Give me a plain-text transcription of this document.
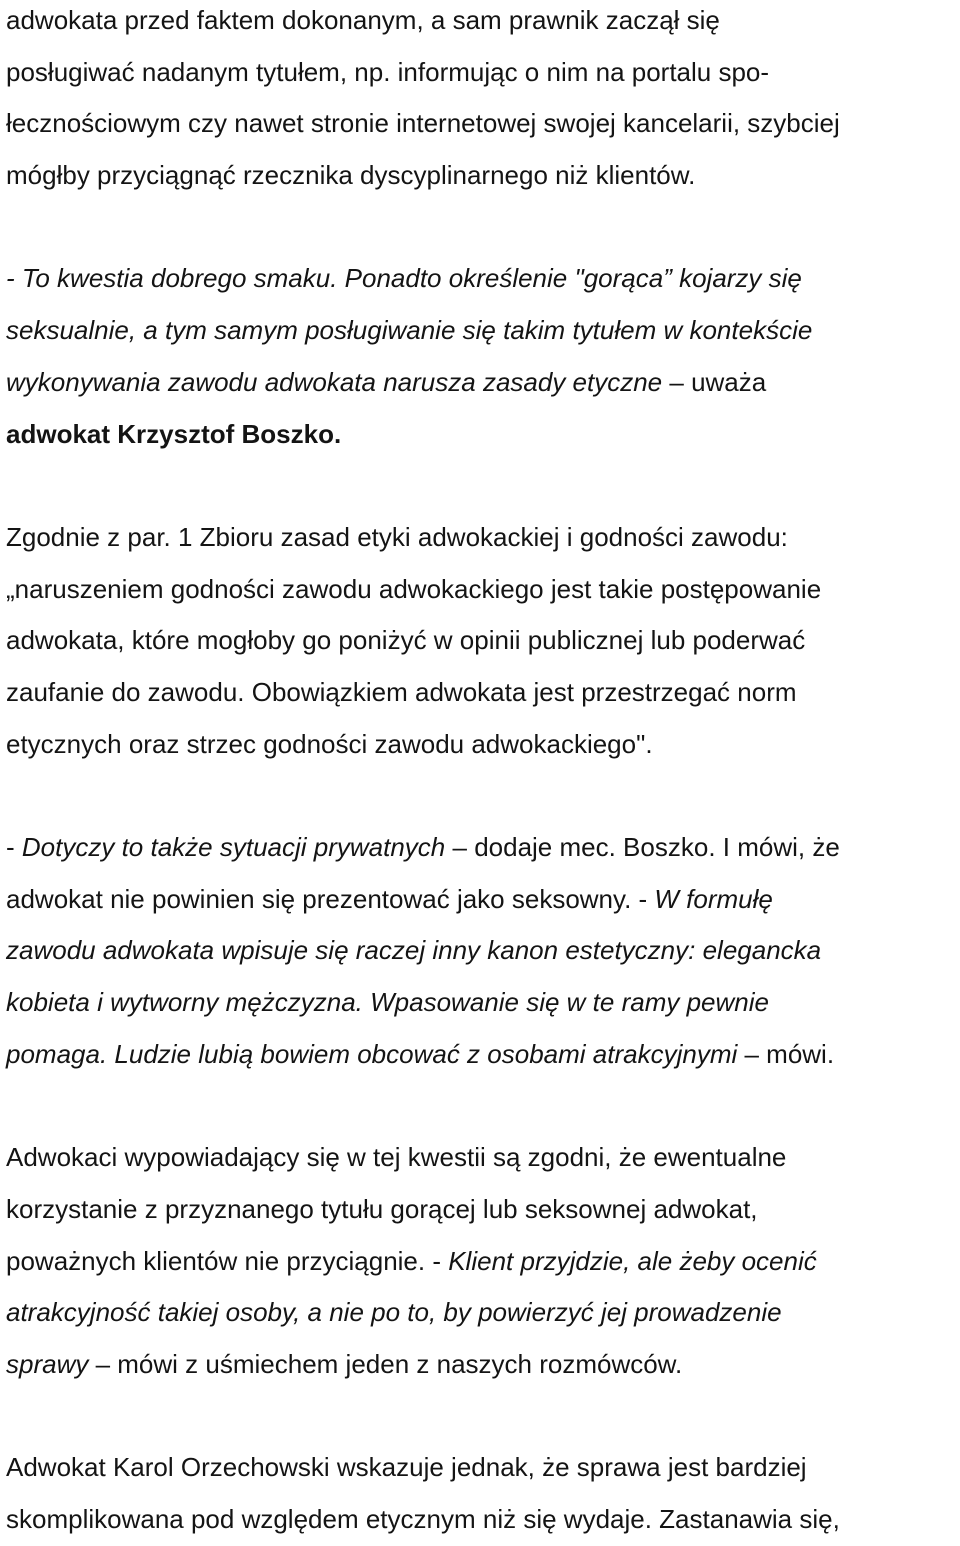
adwokata przed faktem dokonanym, a sam prawnik zaczął się
posługiwać nadanym tytułem, np. informując o nim na portalu spo-
łecznościowym czy nawet stronie internetowej swojej kancelarii, szybciej
mógłby przyciągnąć rzecznika dyscyplinarnego niż klientów.
- To kwestia dobrego smaku. Ponadto określenie "gorąca” kojarzy się
seksualnie, a tym samym posługiwanie się takim tytułem w kontekście
wykonywania zawodu adwokata narusza zasady etyczne – uważa
adwokat Krzysztof Boszko.
Zgodnie z par. 1 Zbioru zasad etyki adwokackiej i godności zawodu:
„naruszeniem godności zawodu adwokackiego jest takie postępowanie
adwokata, które mogłoby go poniżyć w opinii publicznej lub poderwać
zaufanie do zawodu. Obowiązkiem adwokata jest przestrzegać norm
etycznych oraz strzec godności zawodu adwokackiego".
- Dotyczy to także sytuacji prywatnych – dodaje mec. Boszko. I mówi, że
adwokat nie powinien się prezentować jako seksowny. - W formułę
zawodu adwokata wpisuje się raczej inny kanon estetyczny: elegancka
kobieta i wytworny mężczyzna. Wpasowanie się w te ramy pewnie
pomaga. Ludzie lubią bowiem obcować z osobami atrakcyjnymi – mówi.
Adwokaci wypowiadający się w tej kwestii są zgodni, że ewentualne
korzystanie z przyznanego tytułu gorącej lub seksownej adwokat,
poważnych klientów nie przyciągnie. - Klient przyjdzie, ale żeby ocenić
atrakcyjność takiej osoby, a nie po to, by powierzyć jej prowadzenie
sprawy – mówi z uśmiechem jeden z naszych rozmówców.
Adwokat Karol Orzechowski wskazuje jednak, że sprawa jest bardziej
skomplikowana pod względem etycznym niż się wydaje. Zastanawia się,
